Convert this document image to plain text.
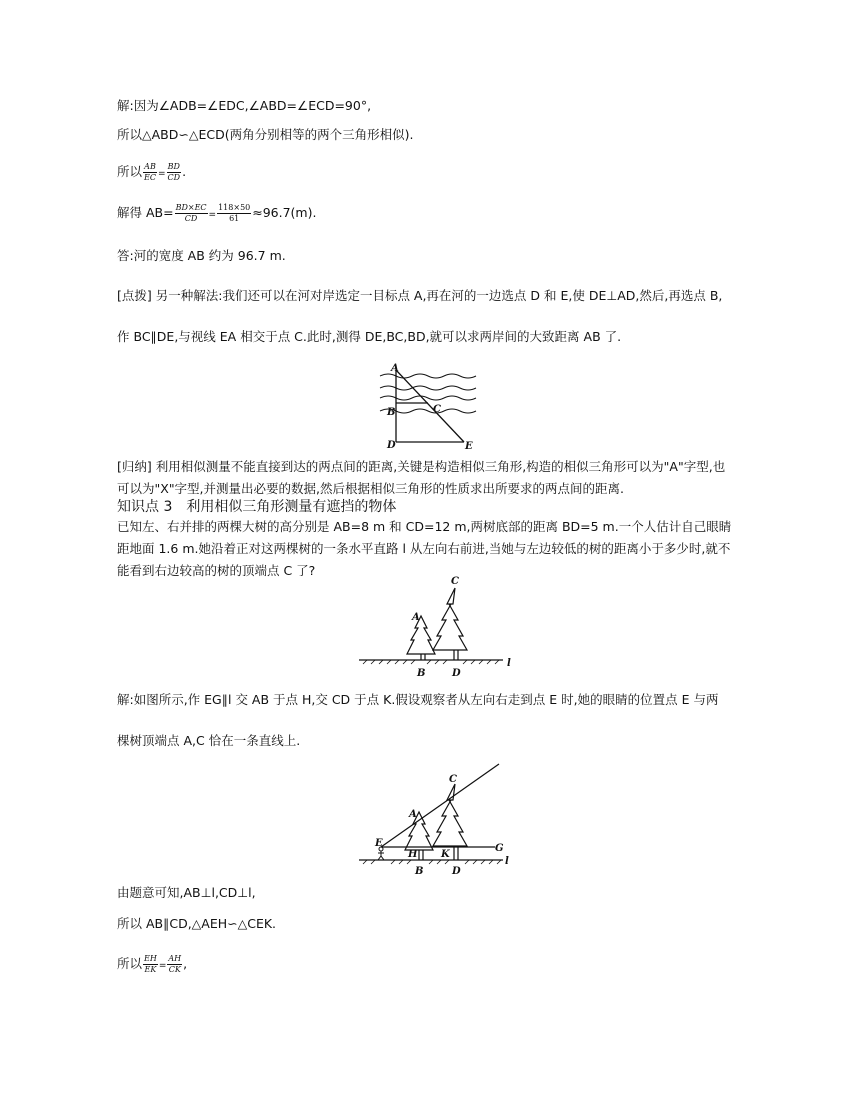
解:因为∠ADB=∠EDC,∠ABD=∠ECD=90°,
所以△ABD∽△ECD(两角分别相等的两个三角形相似).
所以 $\frac{AB}{EC} = \frac{BD}{CD}$ .
解得 $AB= \frac{BD\times EC}{CD} = \frac{118\times 50}{61} \approx 96.7(m)$.
答:河的宽度 AB 约为 96.7 m.
[点拨] 另一种解法:我们还可以在河对岸选定一目标点 A,再在河的一边选点 D 和 E,使 DE⊥AD,然后,再选点 B,
作 BC∥DE,与视线 EA 相交于点 C.此时,测得 DE,BC,BD,就可以求两岸间的大致距离 AB 了.
A
B	C
D	E
[归纳] 利用相似测量不能直接到达的两点间的距离,关键是构造相似三角形,构造的相似三角形可以为"A"字型,也可以为"X"字型,并测量出必要的数据,然后根据相似三角形的性质求出所要求的两点间的距离.
知识点 3　利用相似三角形测量有遮挡的物体
已知左、右并排的两棵大树的高分别是 AB=8 m 和 CD=12 m,两树底部的距离 BD=5 m.一个人估计自己眼睛距地面 1.6 m.她沿着正对这两棵树的一条水平直路 l 从左向右前进,当她与左边较低的树的距离小于多少时,就不能看到右边较高的树的顶端点 C 了?
A
C
B	D
l
解:如图所示,作 EG∥l 交 AB 于点 H,交 CD 于点 K.假设观察者从左向右走到点 E 时,她的眼睛的位置点 E 与两
棵树顶端点 A,C 恰在一条直线上.
A
C
E
H K
G
l
B	D
由题意可知,AB⊥l,CD⊥l,
所以 AB∥CD,△AEH∽△CEK.
所以 $\frac{EH}{EK} = \frac{AH}{CK}$ ,
